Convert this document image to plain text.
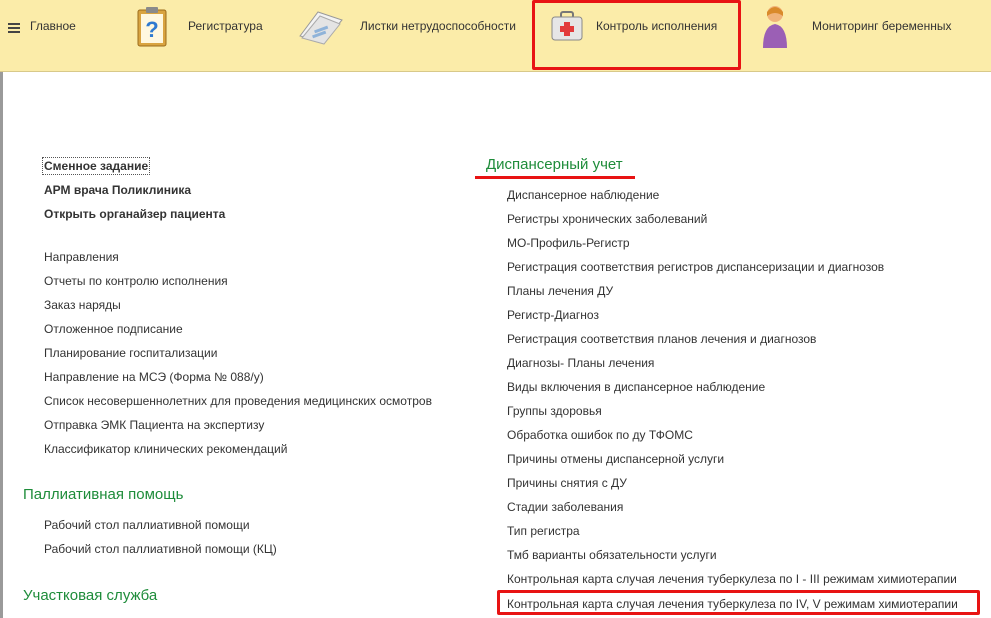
Главное	? Регистратура	Листки нетрудоспособности	Контроль исполнения	Мониторинг беременных
Сменное задание
АРМ врача Поликлиника
Открыть органайзер пациента
Направления
Отчеты по контролю исполнения
Заказ наряды
Отложенное подписание
Планирование госпитализации
Направление на МСЭ (Форма № 088/у)
Список несовершеннолетних для проведения медицинских осмотров
Отправка ЭМК Пациента на экспертизу
Классификатор клинических рекомендаций
Паллиативная помощь
Рабочий стол паллиативной помощи
Рабочий стол паллиативной помощи (КЦ)
Участковая служба
Диспансерный учет
Диспансерное наблюдение
Регистры хронических заболеваний
МО-Профиль-Регистр
Регистрация соответствия регистров диспансеризации и диагнозов
Планы лечения ДУ
Регистр-Диагноз
Регистрация соответствия планов лечения и диагнозов
Диагнозы- Планы лечения
Виды включения в диспансерное наблюдение
Группы здоровья
Обработка ошибок по ду ТФОМС
Причины отмены диспансерной услуги
Причины снятия с ДУ
Стадии заболевания
Тип регистра
Тмб варианты обязательности услуги
Контрольная карта случая лечения туберкулеза по I - III режимам химиотерапии
Контрольная карта случая лечения туберкулеза по IV, V режимам химиотерапии
